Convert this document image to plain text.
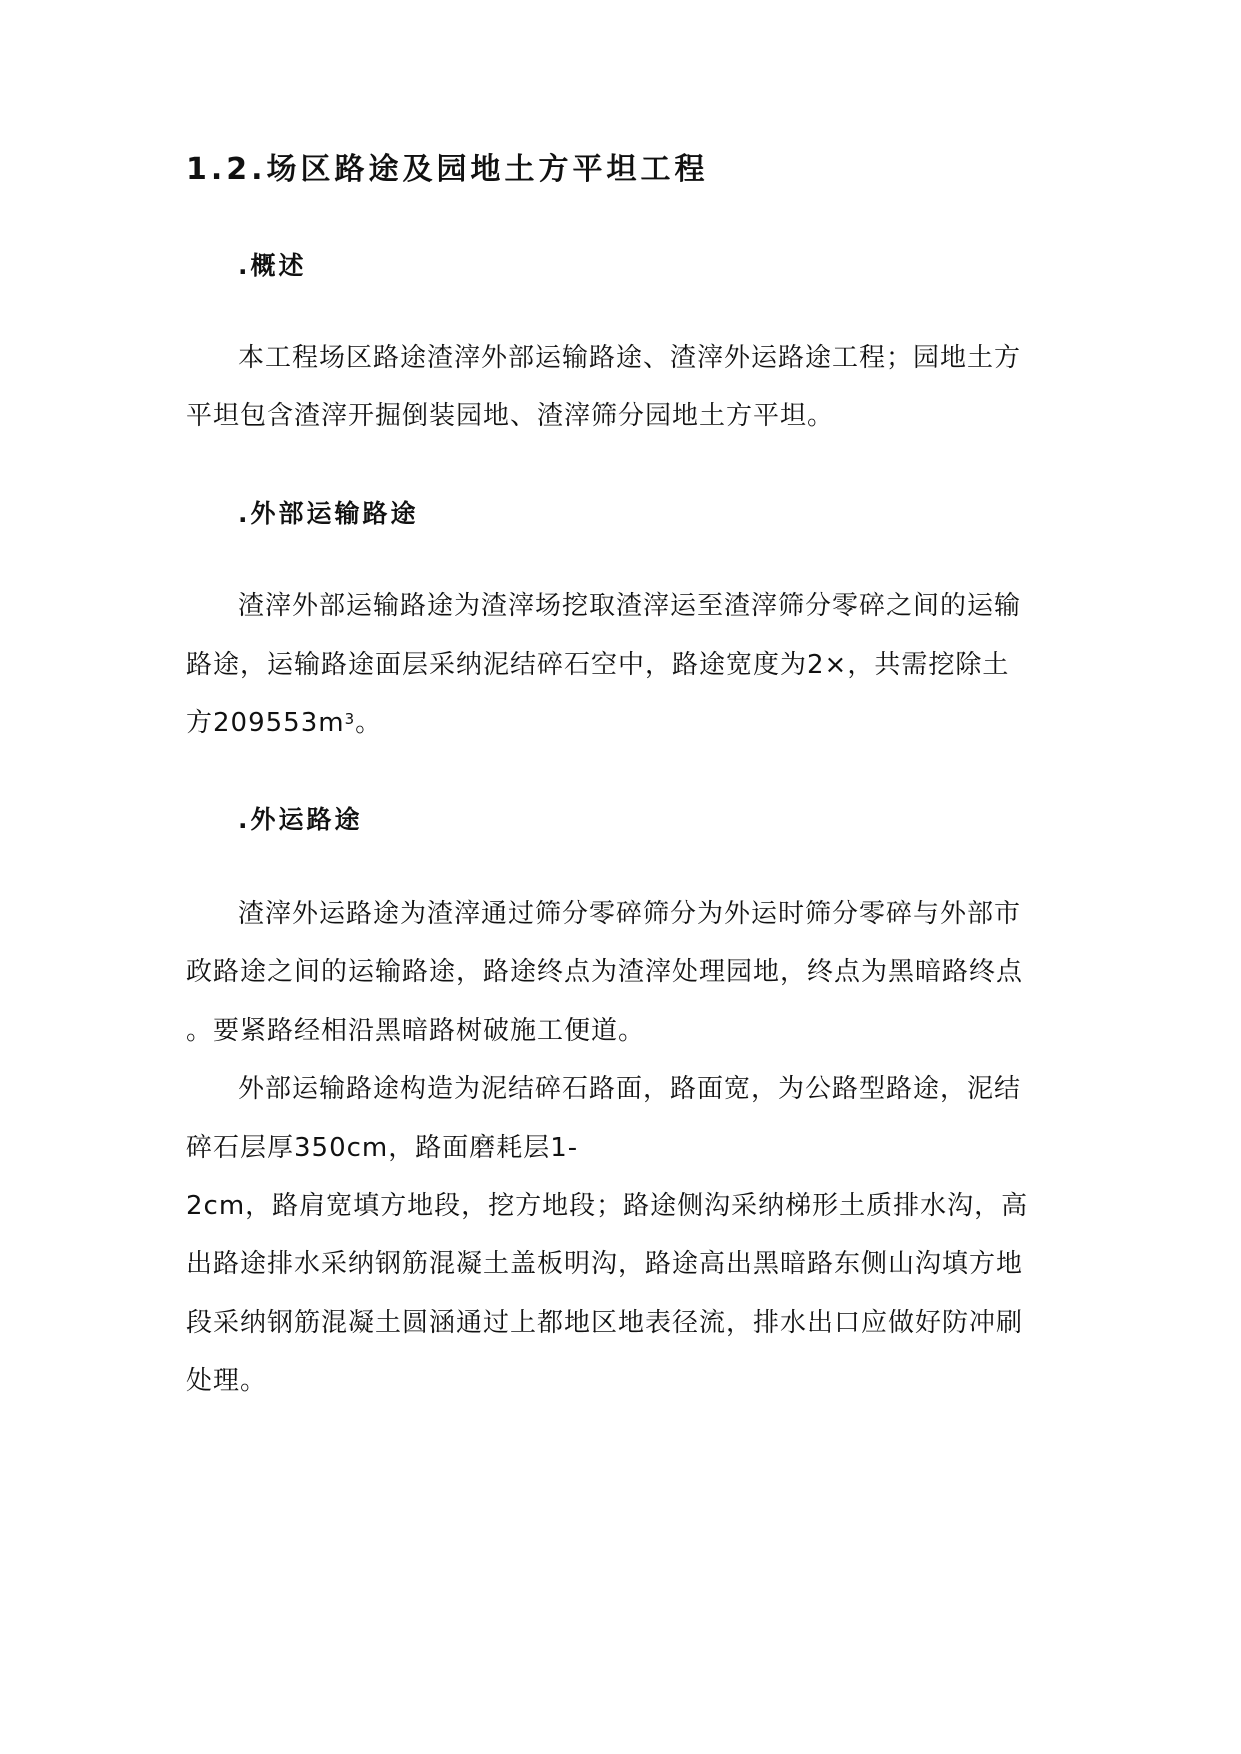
1.2.场区路途及园地土方平坦工程
.概述
本工程场区路途渣滓外部运输路途、渣滓外运路途工程；园地土方
平坦包含渣滓开掘倒装园地、渣滓筛分园地土方平坦。
.外部运输路途
渣滓外部运输路途为渣滓场挖取渣滓运至渣滓筛分零碎之间的运输
路途，运输路途面层采纳泥结碎石空中，路途宽度为2×，共需挖除土
方$209553m^3$。
.外运路途
渣滓外运路途为渣滓通过筛分零碎筛分为外运时筛分零碎与外部市
政路途之间的运输路途，路途终点为渣滓处理园地，终点为黑暗路终点
。要紧路经相沿黑暗路树破施工便道。
外部运输路途构造为泥结碎石路面，路面宽，为公路型路途，泥结
碎石层厚350cm，路面磨耗层1-
2cm，路肩宽填方地段，挖方地段；路途侧沟采纳梯形土质排水沟，高
出路途排水采纳钢筋混凝土盖板明沟，路途高出黑暗路东侧山沟填方地
段采纳钢筋混凝土圆涵通过上都地区地表径流，排水出口应做好防冲刷
处理。
